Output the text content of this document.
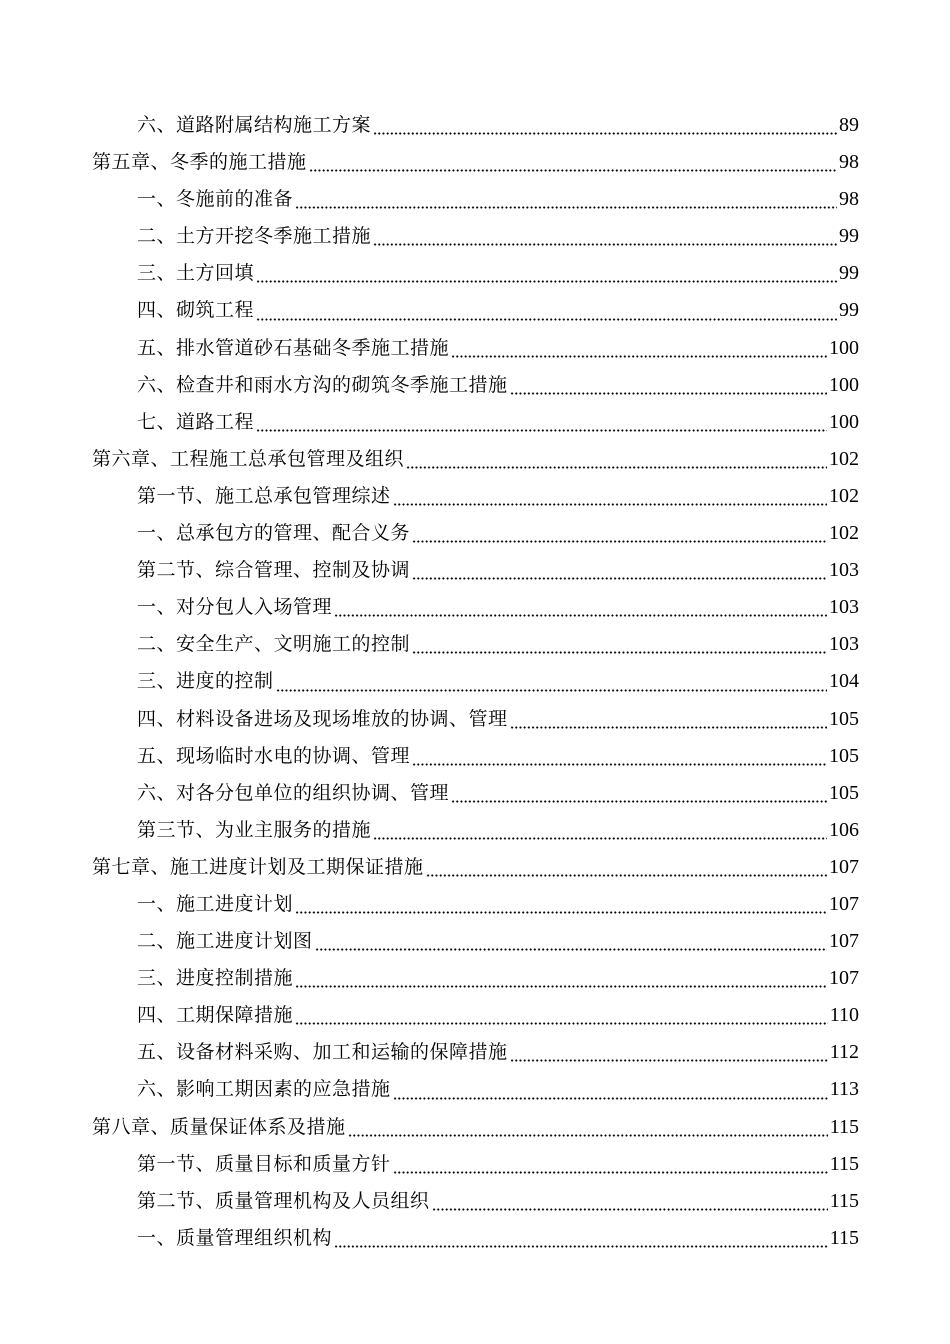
六、道路附属结构施工方案	89
第五章、冬季的施工措施	98
一、冬施前的准备	98
二、土方开挖冬季施工措施	99
三、土方回填	99
四、砌筑工程	99
五、排水管道砂石基础冬季施工措施	100
六、检查井和雨水方沟的砌筑冬季施工措施	100
七、道路工程	100
第六章、工程施工总承包管理及组织	102
第一节、施工总承包管理综述	102
一、总承包方的管理、配合义务	102
第二节、综合管理、控制及协调	103
一、对分包人入场管理	103
二、安全生产、文明施工的控制	103
三、进度的控制	104
四、材料设备进场及现场堆放的协调、管理	105
五、现场临时水电的协调、管理	105
六、对各分包单位的组织协调、管理	105
第三节、为业主服务的措施	106
第七章、施工进度计划及工期保证措施	107
一、施工进度计划	107
二、施工进度计划图	107
三、进度控制措施	107
四、工期保障措施	110
五、设备材料采购、加工和运输的保障措施	112
六、影响工期因素的应急措施	113
第八章、质量保证体系及措施	115
第一节、质量目标和质量方针	115
第二节、质量管理机构及人员组织	115
一、质量管理组织机构	115
